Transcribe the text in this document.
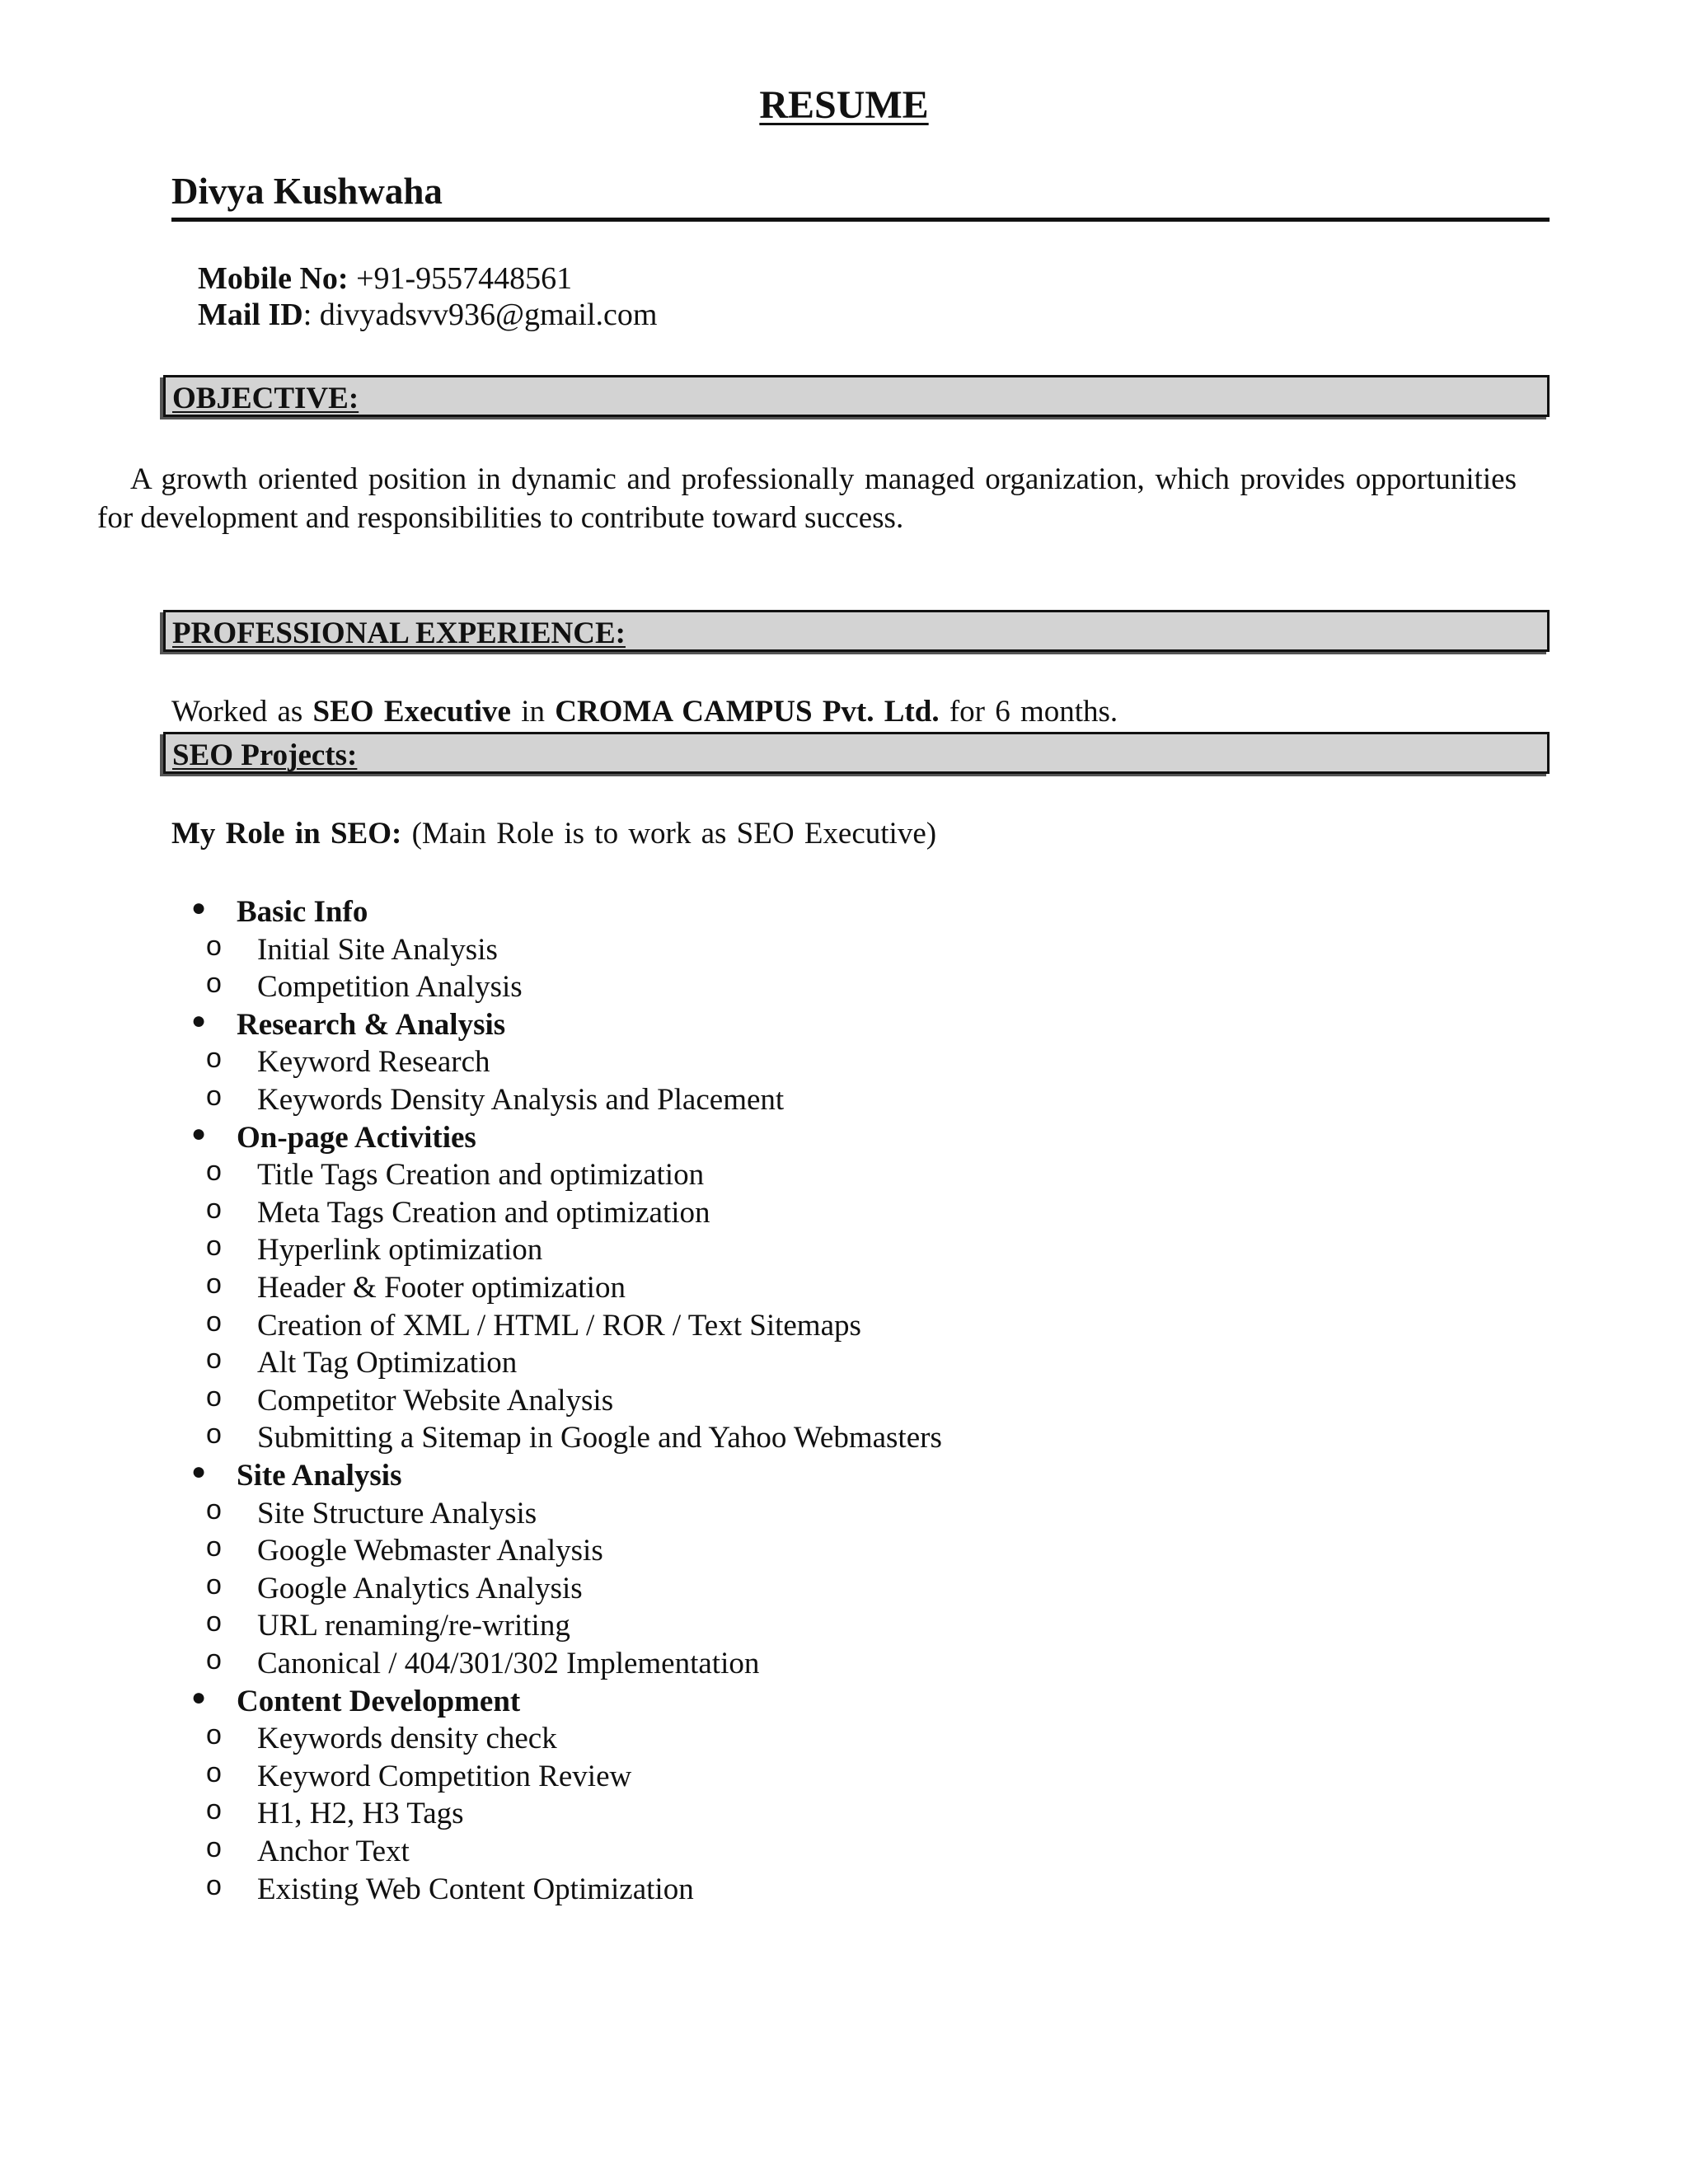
RESUME
Divya Kushwaha
Mobile No: +91-9557448561
Mail ID: divyadsvv936@gmail.com
OBJECTIVE:
A growth oriented position in dynamic and professionally managed organization, which provides opportunities for development and responsibilities to contribute toward success.
PROFESSIONAL EXPERIENCE:
Worked as SEO Executive in CROMA CAMPUS Pvt. Ltd. for 6 months.
SEO Projects:
My Role in SEO: (Main Role is to work as SEO Executive)
● Basic Info
o Initial Site Analysis
o Competition Analysis
● Research & Analysis
o Keyword Research
o Keywords Density Analysis and Placement
● On-page Activities
o Title Tags Creation and optimization
o Meta Tags Creation and optimization
o Hyperlink optimization
o Header & Footer optimization
o Creation of XML / HTML / ROR / Text Sitemaps
o Alt Tag Optimization
o Competitor Website Analysis
o Submitting a Sitemap in Google and Yahoo Webmasters
● Site Analysis
o Site Structure Analysis
o Google Webmaster Analysis
o Google Analytics Analysis
o URL renaming/re-writing
o Canonical / 404/301/302 Implementation
● Content Development
o Keywords density check
o Keyword Competition Review
o H1, H2, H3 Tags
o Anchor Text
o Existing Web Content Optimization
